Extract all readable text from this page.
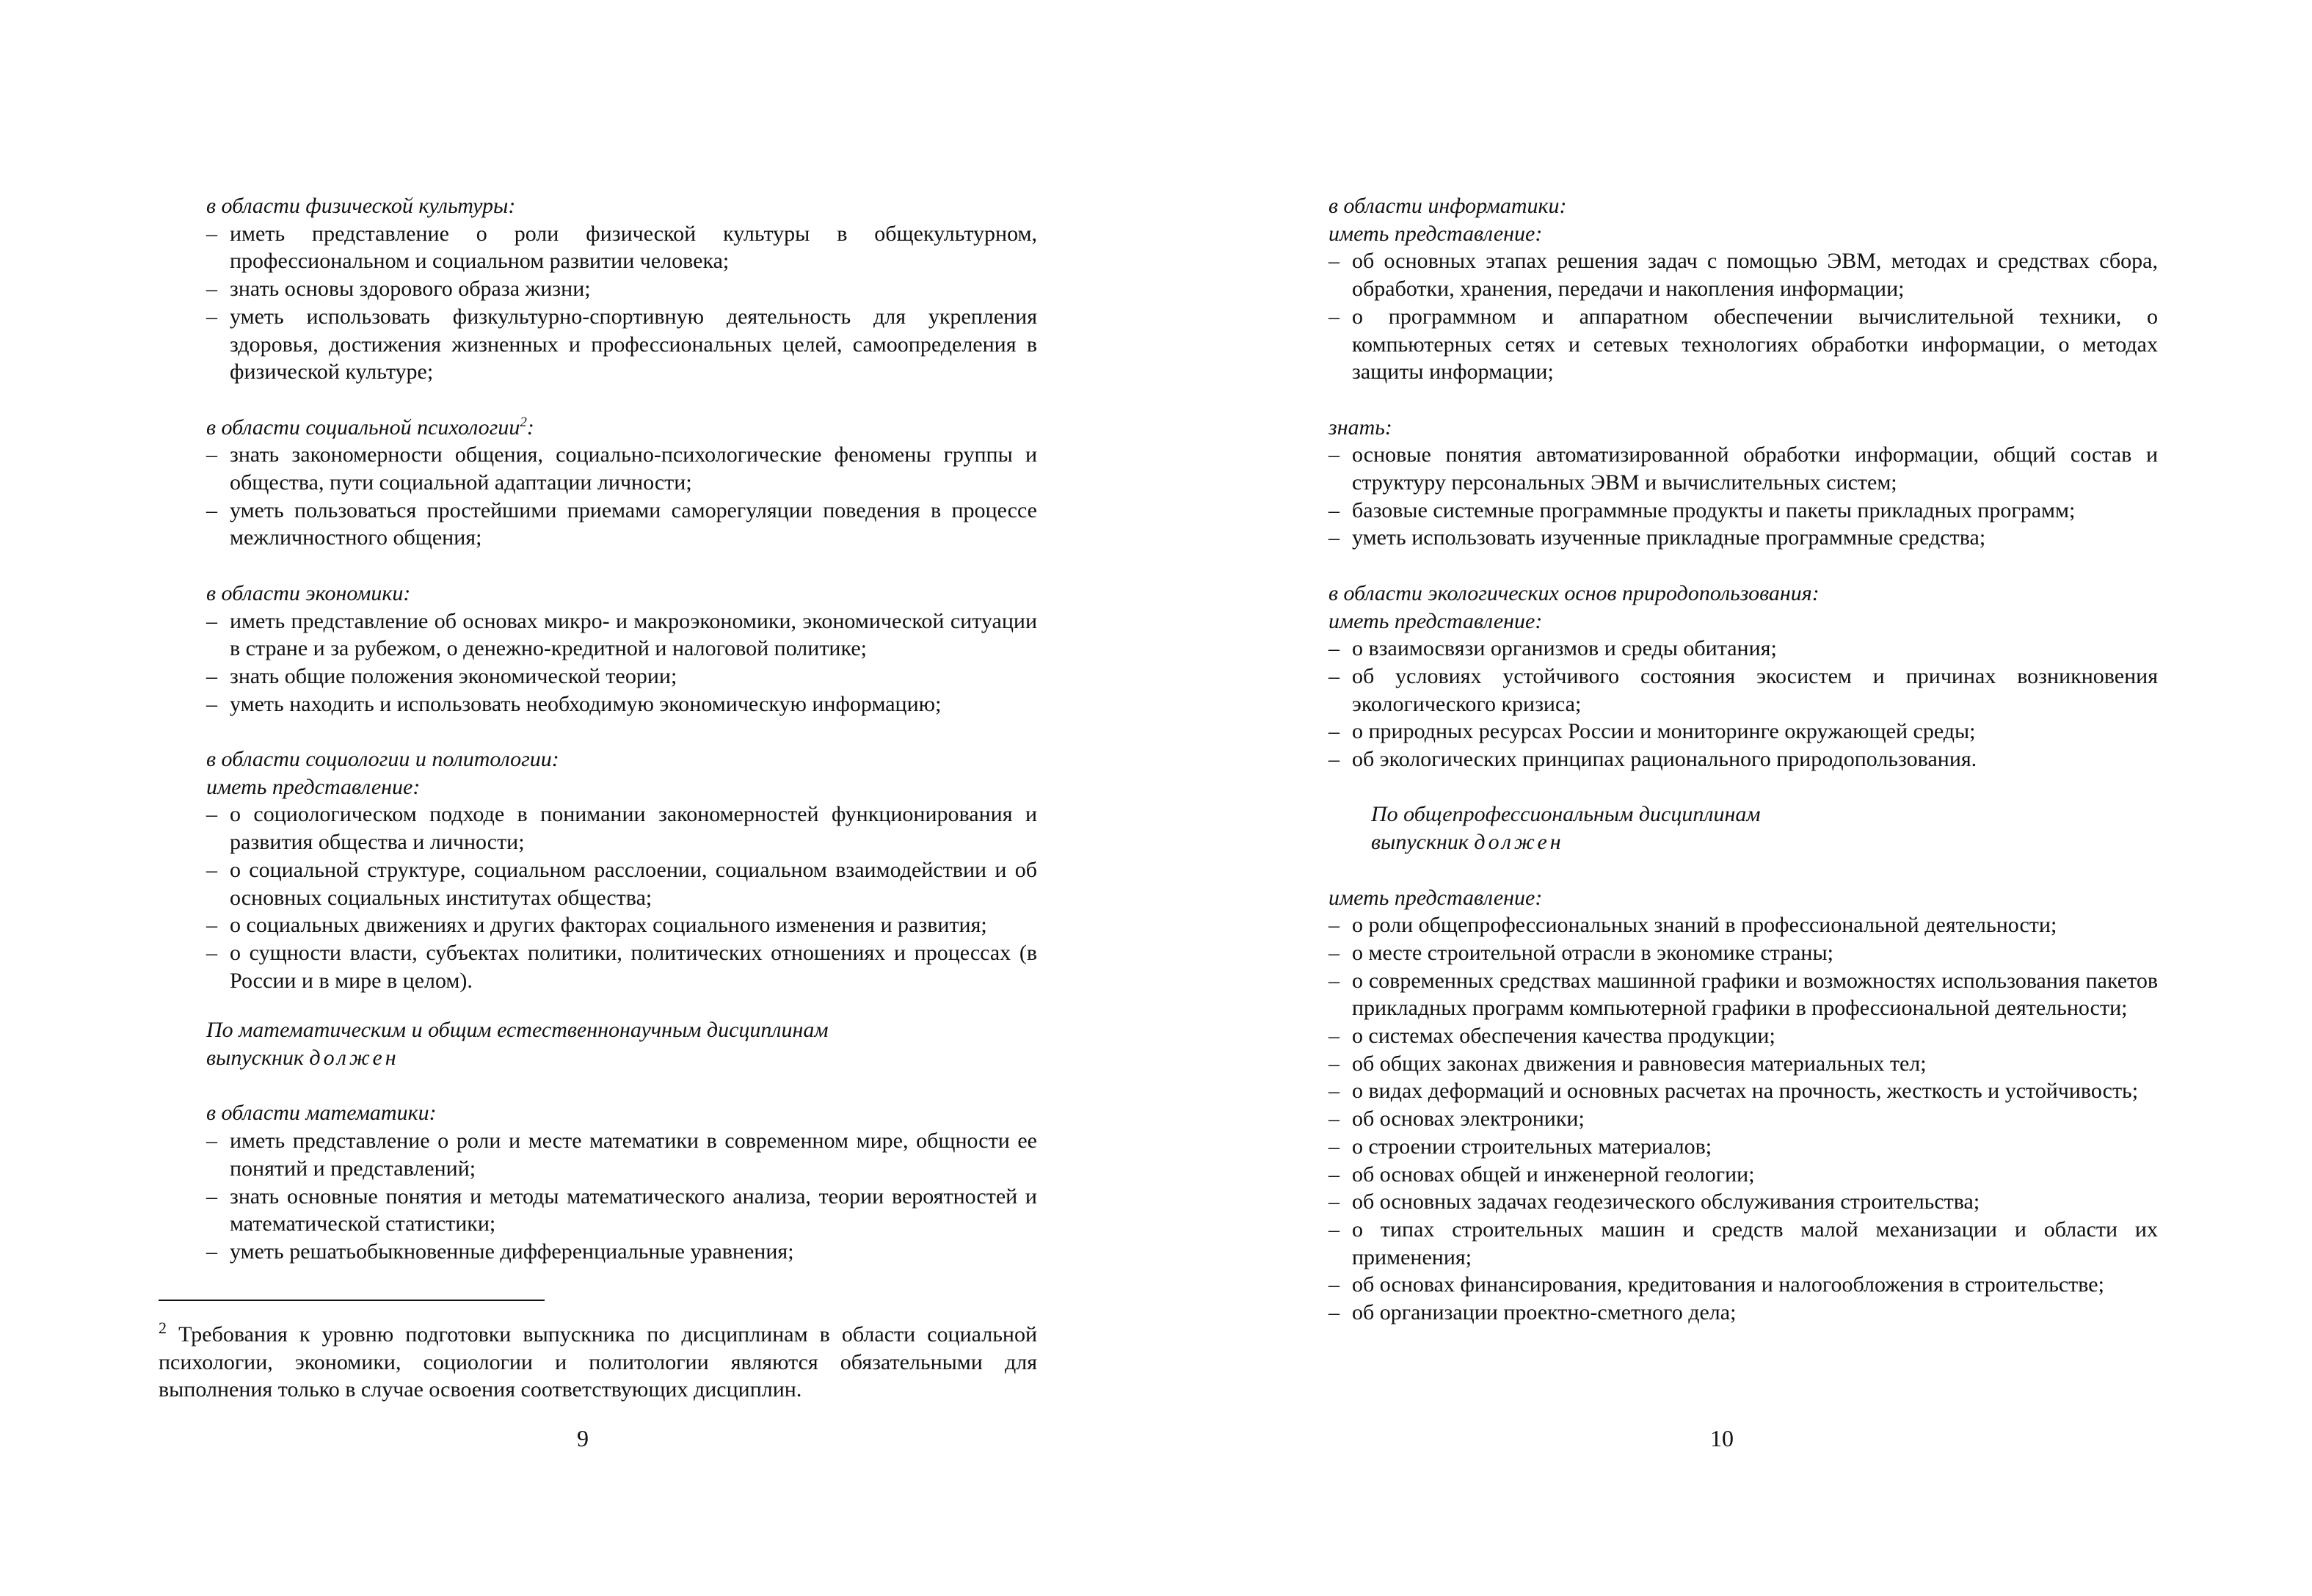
в области физической культуры:
– иметь представление о роли физической культуры в общекультурном, профессиональном и социальном развитии человека;
– знать основы здорового образа жизни;
– уметь использовать физкультурно-спортивную деятельность для укрепления здоровья, достижения жизненных и профессиональных целей, самоопределения в физической культуре;
в области социальной психологии$^2$:
– знать закономерности общения, социально-психологические феномены группы и общества, пути социальной адаптации личности;
– уметь пользоваться простейшими приемами саморегуляции поведения в процессе межличностного общения;
в области экономики:
– иметь представление об основах микро- и макроэкономики, экономической ситуации в стране и за рубежом, о денежно-кредитной и налоговой политике;
– знать общие положения экономической теории;
– уметь находить и использовать необходимую экономическую информацию;
в области социологии и политологии:
иметь представление:
– о социологическом подходе в понимании закономерностей функционирования и развития общества и личности;
– о социальной структуре, социальном расслоении, социальном взаимодействии и об основных социальных институтах общества;
– о социальных движениях и других факторах социального изменения и развития;
– о сущности власти, субъектах политики, политических отношениях и процессах (в России и в мире в целом).
По математическим и общим естественнонаучным дисциплинам
выпускник должен
в области математики:
– иметь представление о роли и месте математики в современном мире, общности ее понятий и представлений;
– знать основные понятия и методы математического анализа, теории вероятностей и математической статистики;
– уметь решатьобыкновенные дифференциальные уравнения;
$^2$ Требования к уровню подготовки выпускника по дисциплинам в области социальной психологии, экономики, социологии и политологии являются обязательными для выполнения только в случае освоения соответствующих дисциплин.
9
в области информатики:
иметь представление:
– об основных этапах решения задач с помощью ЭВМ, методах и средствах сбора, обработки, хранения, передачи и накопления информации;
– о программном и аппаратном обеспечении вычислительной техники, о компьютерных сетях и сетевых технологиях обработки информации, о методах защиты информации;
знать:
– основые понятия автоматизированной обработки информации, общий состав и структуру персональных ЭВМ и вычислительных систем;
– базовые системные программные продукты и пакеты прикладных программ;
– уметь использовать изученные прикладные программные средства;
в области экологических основ природопользования:
иметь представление:
– о взаимосвязи организмов и среды обитания;
– об условиях устойчивого состояния экосистем и причинах возникновения экологического кризиса;
– о природных ресурсах России и мониторинге окружающей среды;
– об экологических принципах рационального природопользования.
По общепрофессиональным дисциплинам
выпускник должен
иметь представление:
– о роли общепрофессиональных знаний в профессиональной деятельности;
– о месте строительной отрасли в экономике страны;
– о современных средствах машинной графики и возможностях использования пакетов прикладных программ компьютерной графики в профессиональной деятельности;
– о системах обеспечения качества продукции;
– об общих законах движения и равновесия материальных тел;
– о видах деформаций и основных расчетах на прочность, жесткость и устойчивость;
– об основах электроники;
– о строении строительных материалов;
– об основах общей и инженерной геологии;
– об основных задачах геодезического обслуживания строительства;
– о типах строительных машин и средств малой механизации и области их применения;
– об основах финансирования, кредитования и налогообложения в строительстве;
– об организации проектно-сметного дела;
10
